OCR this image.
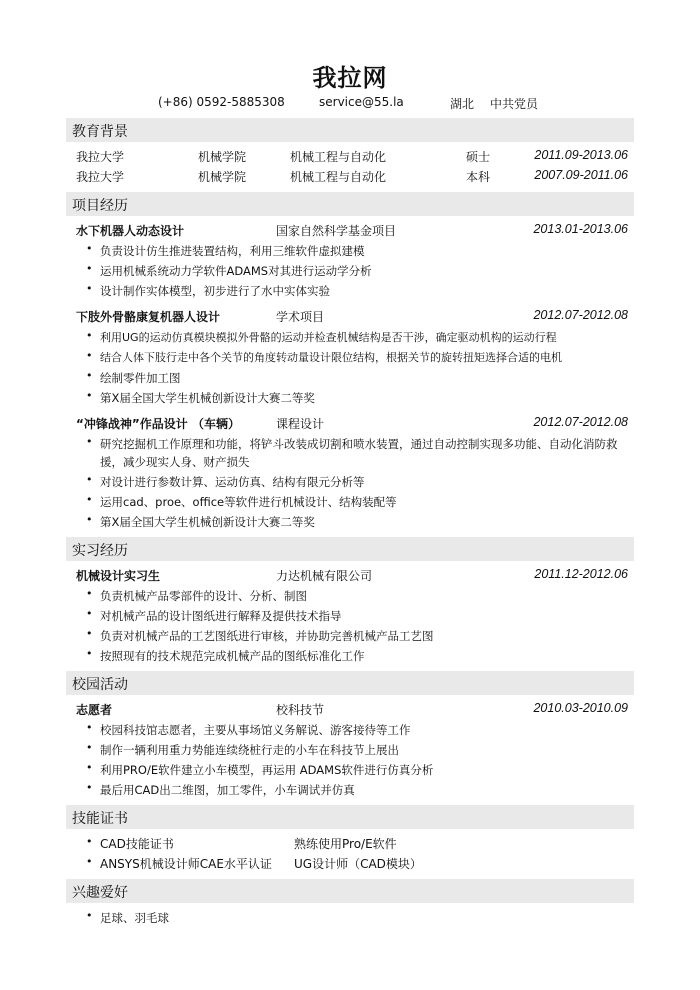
我拉网
(+86) 0592-5885308	service@55.la	湖北 中共党员
教育背景
我拉大学	机械学院	机械工程与自动化	硕士	2011.09-2013.06
我拉大学	机械学院	机械工程与自动化	本科	2007.09-2011.06
项目经历
水下机器人动态设计	国家自然科学基金项目	2013.01-2013.06
• 负责设计仿生推进装置结构，利用三维软件虚拟建模
• 运用机械系统动力学软件ADAMS对其进行运动学分析
• 设计制作实体模型，初步进行了水中实体实验
下肢外骨骼康复机器人设计	学术项目	2012.07-2012.08
• 利用UG的运动仿真模块模拟外骨骼的运动并检查机械结构是否干涉，确定驱动机构的运动行程
• 结合人体下肢行走中各个关节的角度转动量设计限位结构，根据关节的旋转扭矩选择合适的电机
• 绘制零件加工图
• 第X届全国大学生机械创新设计大赛二等奖
“冲锋战神”作品设计 （车辆）	课程设计	2012.07-2012.08
• 研究挖掘机工作原理和功能，将铲斗改装成切割和喷水装置，通过自动控制实现多功能、自动化消防救援，减少现实人身、财产损失
• 对设计进行参数计算、运动仿真、结构有限元分析等
• 运用cad、proe、office等软件进行机械设计、结构装配等
• 第X届全国大学生机械创新设计大赛二等奖
实习经历
机械设计实习生	力达机械有限公司	2011.12-2012.06
• 负责机械产品零部件的设计、分析、制图
• 对机械产品的设计图纸进行解释及提供技术指导
• 负责对机械产品的工艺图纸进行审核，并协助完善机械产品工艺图
• 按照现有的技术规范完成机械产品的图纸标准化工作
校园活动
志愿者	校科技节	2010.03-2010.09
• 校园科技馆志愿者，主要从事场馆义务解说、游客接待等工作
• 制作一辆利用重力势能连续绕桩行走的小车在科技节上展出
• 利用PRO/E软件建立小车模型，再运用 ADAMS软件进行仿真分析
• 最后用CAD出二维图，加工零件，小车调试并仿真
技能证书
• CAD技能证书	熟练使用Pro/E软件
• ANSYS机械设计师CAE水平认证 UG设计师（CAD模块）
兴趣爱好
• 足球、羽毛球
